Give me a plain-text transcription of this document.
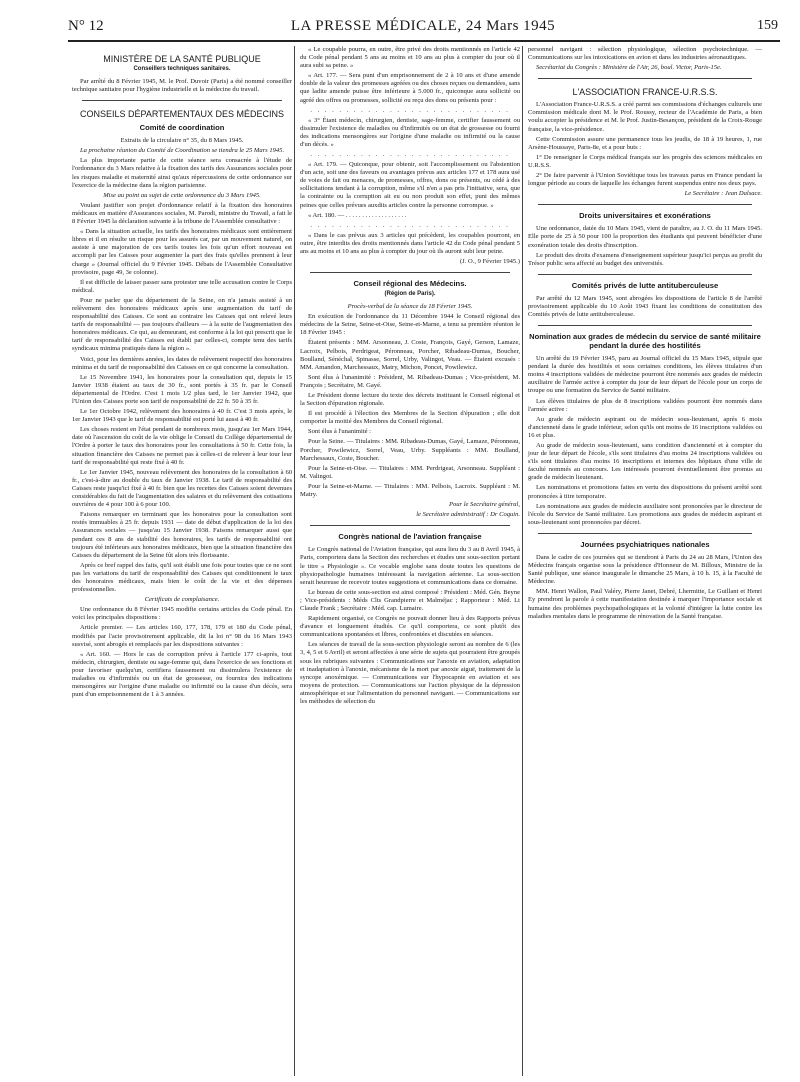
N° 12	LA PRESSE MÉDICALE, 24 Mars 1945	159
MINISTÈRE DE LA SANTÉ PUBLIQUE
Conseillers techniques sanitaires.

Par arrêté du 8 Février 1945, M. le Prof. Duvoir (Paris) a été nommé conseiller technique sanitaire pour l'hygiène industrielle et la médecine du travail.

CONSEILS DÉPARTEMENTAUX DES MÉDECINS
Comité de coordination

Extraits de la circulaire n° 35, du 8 Mars 1945.

La prochaine réunion du Comité de Coordination se tiendra le 25 Mars 1945.

La plus importante partie de cette séance sera consacrée à l'étude de l'ordonnance du 3 Mars relative à la fixation des tarifs des Assurances sociales pour les risques maladie et maternité ainsi qu'aux répercussions de cette ordonnance sur l'exercice de la médecine dans la région parisienne.

Mise au point au sujet de cette ordonnance du 3 Mars 1945.

Voulant justifier son projet d'ordonnance relatif à la fixation des honoraires médicaux en matière d'Assurances sociales, M. Parodi, ministre du Travail, a fait le 8 Février 1945 la déclaration suivante à la tribune de l'Assemblée consultative :

« Dans la situation actuelle, les tarifs des honoraires médicaux sont entièrement libres et il en résulte un risque pour les assurés car, par un mouvement naturel, on assiste à une majoration de ces tarifs toutes les fois qu'un effort nouveau est accompli par les Caisses pour augmenter la part des frais qu'elles prennent à leur charge » (Journal officiel du 9 Février 1945. Débats de l'Assemblée Consultative provisoire, page 49, 3e colonne).

Il est difficile de laisser passer sans protester une telle accusation contre le Corps médical.

Pour ne parler que du département de la Seine, on n'a jamais assisté à un relèvement des honoraires médicaux après une augmentation du tarif de responsabilité des Caisses. Ce sont au contraire les Caisses qui ont relevé leurs tarifs de responsabilité — pas toujours d'ailleurs — à la suite de l'augmentation des honoraires médicaux. Ce qui, au demeurant, est conforme à la loi qui prescrit que le tarif de responsabilité des Caisses est établi par celles-ci, compte tenu des tarifs syndicaux minima pratiqués dans la région ».

Voici, pour les dernières années, les dates de relèvement respectif des honoraires minima et du tarif de responsabilité des Caisses en ce qui concerne la consultation.

Le 15 Novembre 1941, les honoraires pour la consultation qui, depuis le 15 Janvier 1938 étaient au taux de 30 fr., sont portés à 35 fr. par le Conseil départemental de l'Ordre. C'est 1 mois 1/2 plus tard, le 1er Janvier 1942, que l'Union des Caisses porte son tarif de responsabilité de 22 fr. 50 à 35 fr.

Le 1er Octobre 1942, relèvement des honoraires à 40 fr. C'est 3 mois après, le 1er Janvier 1943 que le tarif de responsabilité est porté lui aussi à 40 fr.

Les choses restent en l'état pendant de nombreux mois, jusqu'au 1er Mars 1944, date où l'ascension du coût de la vie oblige le Conseil du Collège départemental de l'Ordre à porter le taux des honoraires pour les consultations à 50 fr. Cette fois, la situation financière des Caisses ne permet pas à celles-ci de relever à leur tour leur tarif de responsabilité qui reste fixé à 40 fr.

Le 1er Janvier 1945, nouveau relèvement des honoraires de la consultation à 60 fr., c'est-à-dire au double du taux de Janvier 1938. Le tarif de responsabilité des Caisses reste jusqu'ici fixé à 40 fr. bien que les recettes des Caisses soient devenues considérables du fait de l'augmentation des salaires et du relèvement des cotisations ouvrières de 4 pour 100 à 6 pour 100.

Faisons remarquer en terminant que les honoraires pour la consultation sont restés immuables à 25 fr. depuis 1931 — date de début d'application de la loi des Assurances sociales — jusqu'au 15 Janvier 1938. Faisons remarquer aussi que pendant ces 8 ans de stabilité des honoraires, les tarifs de responsabilité ont toujours été inférieurs aux honoraires médicaux, bien que la situation financière des Caisses du département de la Seine fût alors très florissante.

Après ce bref rappel des faits, qu'il soit établi une fois pour toutes que ce ne sont pas les variations du tarif de responsabilité des Caisses qui conditionnent le taux des honoraires médicaux, mais bien le coût de la vie et des dépenses professionnelles.

Certificats de complaisance.

Une ordonnance du 8 Février 1945 modifie certains articles du Code pénal. En voici les principales dispositions :

Article premier. — Les articles 160, 177, 178, 179 et 180 du Code pénal, modifiés par l'acte provisoirement applicable, dit la loi n° 98 du 16 Mars 1943 susvisé, sont abrogés et remplacés par les dispositions suivantes :

« Art. 160. — Hors le cas de corruption prévu à l'article 177 ci-après, tout médecin, chirurgien, dentiste ou sage-femme qui, dans l'exercice de ses fonctions et pour favoriser quelqu'un, certifiera faussement ou dissimulera l'existence de maladies ou d'infirmités ou un état de grossesse, ou fournira des indications mensongères sur l'origine d'une maladie ou infirmité ou la cause d'un décès, sera puni d'un emprisonnement de 1 à 3 années.

« Le coupable pourra, en outre, être privé des droits mentionnés en l'article 42 du Code pénal pendant 5 ans au moins et 10 ans au plus à compter du jour où il aura subi sa peine. »

« Art. 177. — Sera puni d'un emprisonnement de 2 à 10 ans et d'une amende double de la valeur des promesses agréées ou des choses reçues ou demandées, sans que ladite amende puisse être inférieure à 5.000 fr., quiconque aura sollicité ou agréé des offres ou promesses, sollicité ou reçu des dons ou présents pour :

. . . . . . . . . . . . . . . . . . . . . . . . . . . .

« 3° Étant médecin, chirurgien, dentiste, sage-femme, certifier faussement ou dissimuler l'existence de maladies ou d'infirmités ou un état de grossesse ou fourni des indications mensongères sur l'origine d'une maladie ou infirmité ou la cause d'un décès. »

. . . . . . . . . . . . . . . . . . . . . . . . . . . .

« Art. 179. — Quiconque, pour obtenir, soit l'accomplissement ou l'abstention d'un acte, soit une des faveurs ou avantages prévus aux articles 177 et 178 aura usé de voies de fait ou menaces, de promesses, offres, dons ou présents, ou cédé à des sollicitations tendant à la corruption, même s'il n'en a pas pris l'initiative, sera, que la contrainte ou la corruption ait eu ou non produit son effet, puni des mêmes peines que celles prévues auxdits articles contre la personne corrompue. »

« Art. 180. — . . . . . . . . . . . . . . . . . . .

. . . . . . . . . . . . . . . . . . . . . . . . . . . .

« Dans le cas prévus aux 3 articles qui précèdent, les coupables pourront, en outre, être interdits des droits mentionnés dans l'article 42 du Code pénal pendant 5 ans au moins et 10 ans au plus à compter du jour où ils auront subi leur peine.

(J. O., 9 Février 1945.)

Conseil régional des Médecins.
(Région de Paris).

Procès-verbal de la séance du 18 Février 1945.

En exécution de l'ordonnance du 11 Décembre 1944 le Conseil régional des médecins de la Seine, Seine-et-Oise, Seine-et-Marne, a tenu sa première réunion le 18 Février 1945 :

Étaient présents : MM. Arsonneau, J. Coste, François, Gayé, Gerson, Lamaze, Lacroix, Pelbois, Perdrigeat, Péronneau, Porcher, Ribadeau-Dumas, Boucher, Boulland, Sénéchal, Spinasse, Sorrel, Urby, Valingot, Veau. — Étaient excusés : MM. Amandon, Marchessaux, Matry, Michon, Poncet, Powilewicz.

Sont élus à l'unanimité : Président, M. Ribadeau-Dumas ; Vice-président, M. François ; Secrétaire, M. Gayé.

Le Président donne lecture du texte des décrets instituant le Conseil régional et la Section d'épuration régionale.

Il est procédé à l'élection des Membres de la Section d'épuration ; elle doit comporter la moitié des Membres du Conseil régional.

Sont élus à l'unanimité :

Pour la Seine. — Titulaires : MM. Ribadeau-Dumas, Gayé, Lamaze, Péronneau, Porcher, Powilewicz, Sorrel, Veau, Urby. Suppléants : MM. Boulland, Marchessaux, Coste, Boucher.

Pour la Seine-et-Oise. — Titulaires : MM. Perdrigeat, Arsonneau. Suppléant : M. Valingot.

Pour la Seine-et-Marne. — Titulaires : MM. Pelbois, Lacroix. Suppléant : M. Matry.

Pour le Secrétaire général,

le Secrétaire administratif : Dr Coquin.

Congrès national de l'aviation française

Le Congrès national de l'Aviation française, qui aura lieu du 3 au 8 Avril 1945, à Paris, comportera dans la Section des recherches et études une sous-section portant le titre « Physiologie ». Ce vocable englobe sans doute toutes les questions de physiopathologie humaines intéressant la navigation aérienne. La sous-section serait heureuse de recevoir toutes suggestions et communications dans ce domaine.

Le bureau de cette sous-section est ainsi composé : Président : Méd. Gén. Beyne ; Vice-présidents : Méds Clts Grandpierre et Malméjac ; Rapporteur : Méd. Lt Claude Frank ; Secrétaire : Méd. cap. Lumaire.

Rapidement organisé, ce Congrès ne pouvait donner lieu à des Rapports prévus d'avance et longuement étudiés. Ce qu'il comportera, ce sont plutôt des communications spontanées et libres, confrontées et discutées en séances.

Les séances de travail de la sous-section physiologie seront au nombre de 6 (les 3, 4, 5 et 6 Avril) et seront affectées à une série de sujets qui pourraient être groupés sous les rubriques suivantes : Communications sur l'anoxie en aviation, adaptation et inadaptation à l'anoxie, mécanisme de la mort par anoxie aiguë, traitement de la syncope anoxémique. — Communications sur l'hypocapnie en aviation et ses moyens de protection. — Communications sur l'action physique de la dépression atmosphérique et sur l'alimentation du personnel navigant. — Communications sur les méthodes de sélection du

personnel navigant : sélection physiologique, sélection psychotechnique. — Communications sur les intoxications en avion et dans les industries aéronautiques.

Secrétariat du Congrès : Ministère de l'Air, 26, boul. Victor, Paris-15e.

L'ASSOCIATION FRANCE-U.R.S.S.

L'Association France-U.R.S.S. a créé parmi ses commissions d'échanges culturels une Commission médicale dont M. le Prof. Roussy, recteur de l'Académie de Paris, a bien voulu accepter la présidence et M. le Prof. Justin-Besançon, président de la Croix-Rouge française, la vice-présidence.

Cette Commission assure une permanence tous les jeudis, de 18 à 19 heures, 1, rue Arsène-Houssaye, Paris-8e, et a pour buts :

1° De renseigner le Corps médical français sur les progrès des sciences médicales en U.R.S.S.

2° De faire parvenir à l'Union Soviétique tous les travaux parus en France pendant la longue période au cours de laquelle les échanges furent suspendus entre nos deux pays.

Le Secrétaire : Jean Dalsace.

Droits universitaires et exonérations

Une ordonnance, datée du 10 Mars 1945, vient de paraître, au J. O. du 11 Mars 1945. Elle porte de 25 à 50 pour 100 la proportion des étudiants qui peuvent bénéficier d'une exonération totale des droits d'inscription.

Le produit des droits d'examens d'enseignement supérieur jusqu'ici perçus au profit du Trésor public sera affecté au budget des universités.

Comités privés de lutte antituberculeuse

Par arrêté du 12 Mars 1945, sont abrogées les dispositions de l'article 8 de l'arrêté provisoirement applicable du 10 Août 1943 fixant les conditions de constitution des Comités privés de lutte antituberculeuse.

Nomination aux grades de médecin du service de santé militaire pendant la durée des hostilités

Un arrêté du 19 Février 1945, paru au Journal officiel du 15 Mars 1945, stipule que pendant la durée des hostilités et sous certaines conditions, les élèves titulaires d'un moins 4 inscriptions validées de médecine pourront être nommés aux grades de médecin auxiliaire de l'armée active à compter du jour de leur départ de l'école pour un corps de troupe ou une formation du Service de Santé militaire.

Les élèves titulaires de plus de 8 inscriptions validées pourront être nommés dans l'armée active :

Au grade de médecin aspirant ou de médecin sous-lieutenant, après 6 mois d'ancienneté dans le grade inférieur, selon qu'ils ont moins de 16 inscriptions validées ou 16 et plus.

Au grade de médecin sous-lieutenant, sans condition d'ancienneté et à compter du jour de leur départ de l'école, s'ils sont titulaires d'au moins 24 inscriptions validées ou s'ils sont titulaires d'au moins 16 inscriptions et internes des hôpitaux d'une ville de faculté nommés au concours. Les intéressés pourront éventuellement être promus au grade de médecin lieutenant.

Les nominations et promotions faites en vertu des dispositions du présent arrêté sont prononcées à titre temporaire.

Les nominations aux grades de médecin auxiliaire sont prononcées par le directeur de l'école du Service de Santé militaire. Les promotions aux grades de médecin aspirant et sous-lieutenant sont prononcées par décret.

Journées psychiatriques nationales

Dans le cadre de ces journées qui se tiendront à Paris du 24 au 28 Mars, l'Union des Médecins français organise sous la présidence d'Honneur de M. Billoux, Ministre de la Santé publique, une séance inaugurale le dimanche 25 Mars, à 10 h. 15, à la Faculté de Médecine.

MM. Henri Wallon, Paul Valéry, Pierre Janet, Debré, Lhermitte, Le Guillant et Henri Ey prendront la parole à cette manifestation destinée à marquer l'importance sociale et humaine des problèmes psychopathologiques et la volonté d'intégrer la lutte contre les maladies mentales dans le programme de rénovation de la Santé française.
